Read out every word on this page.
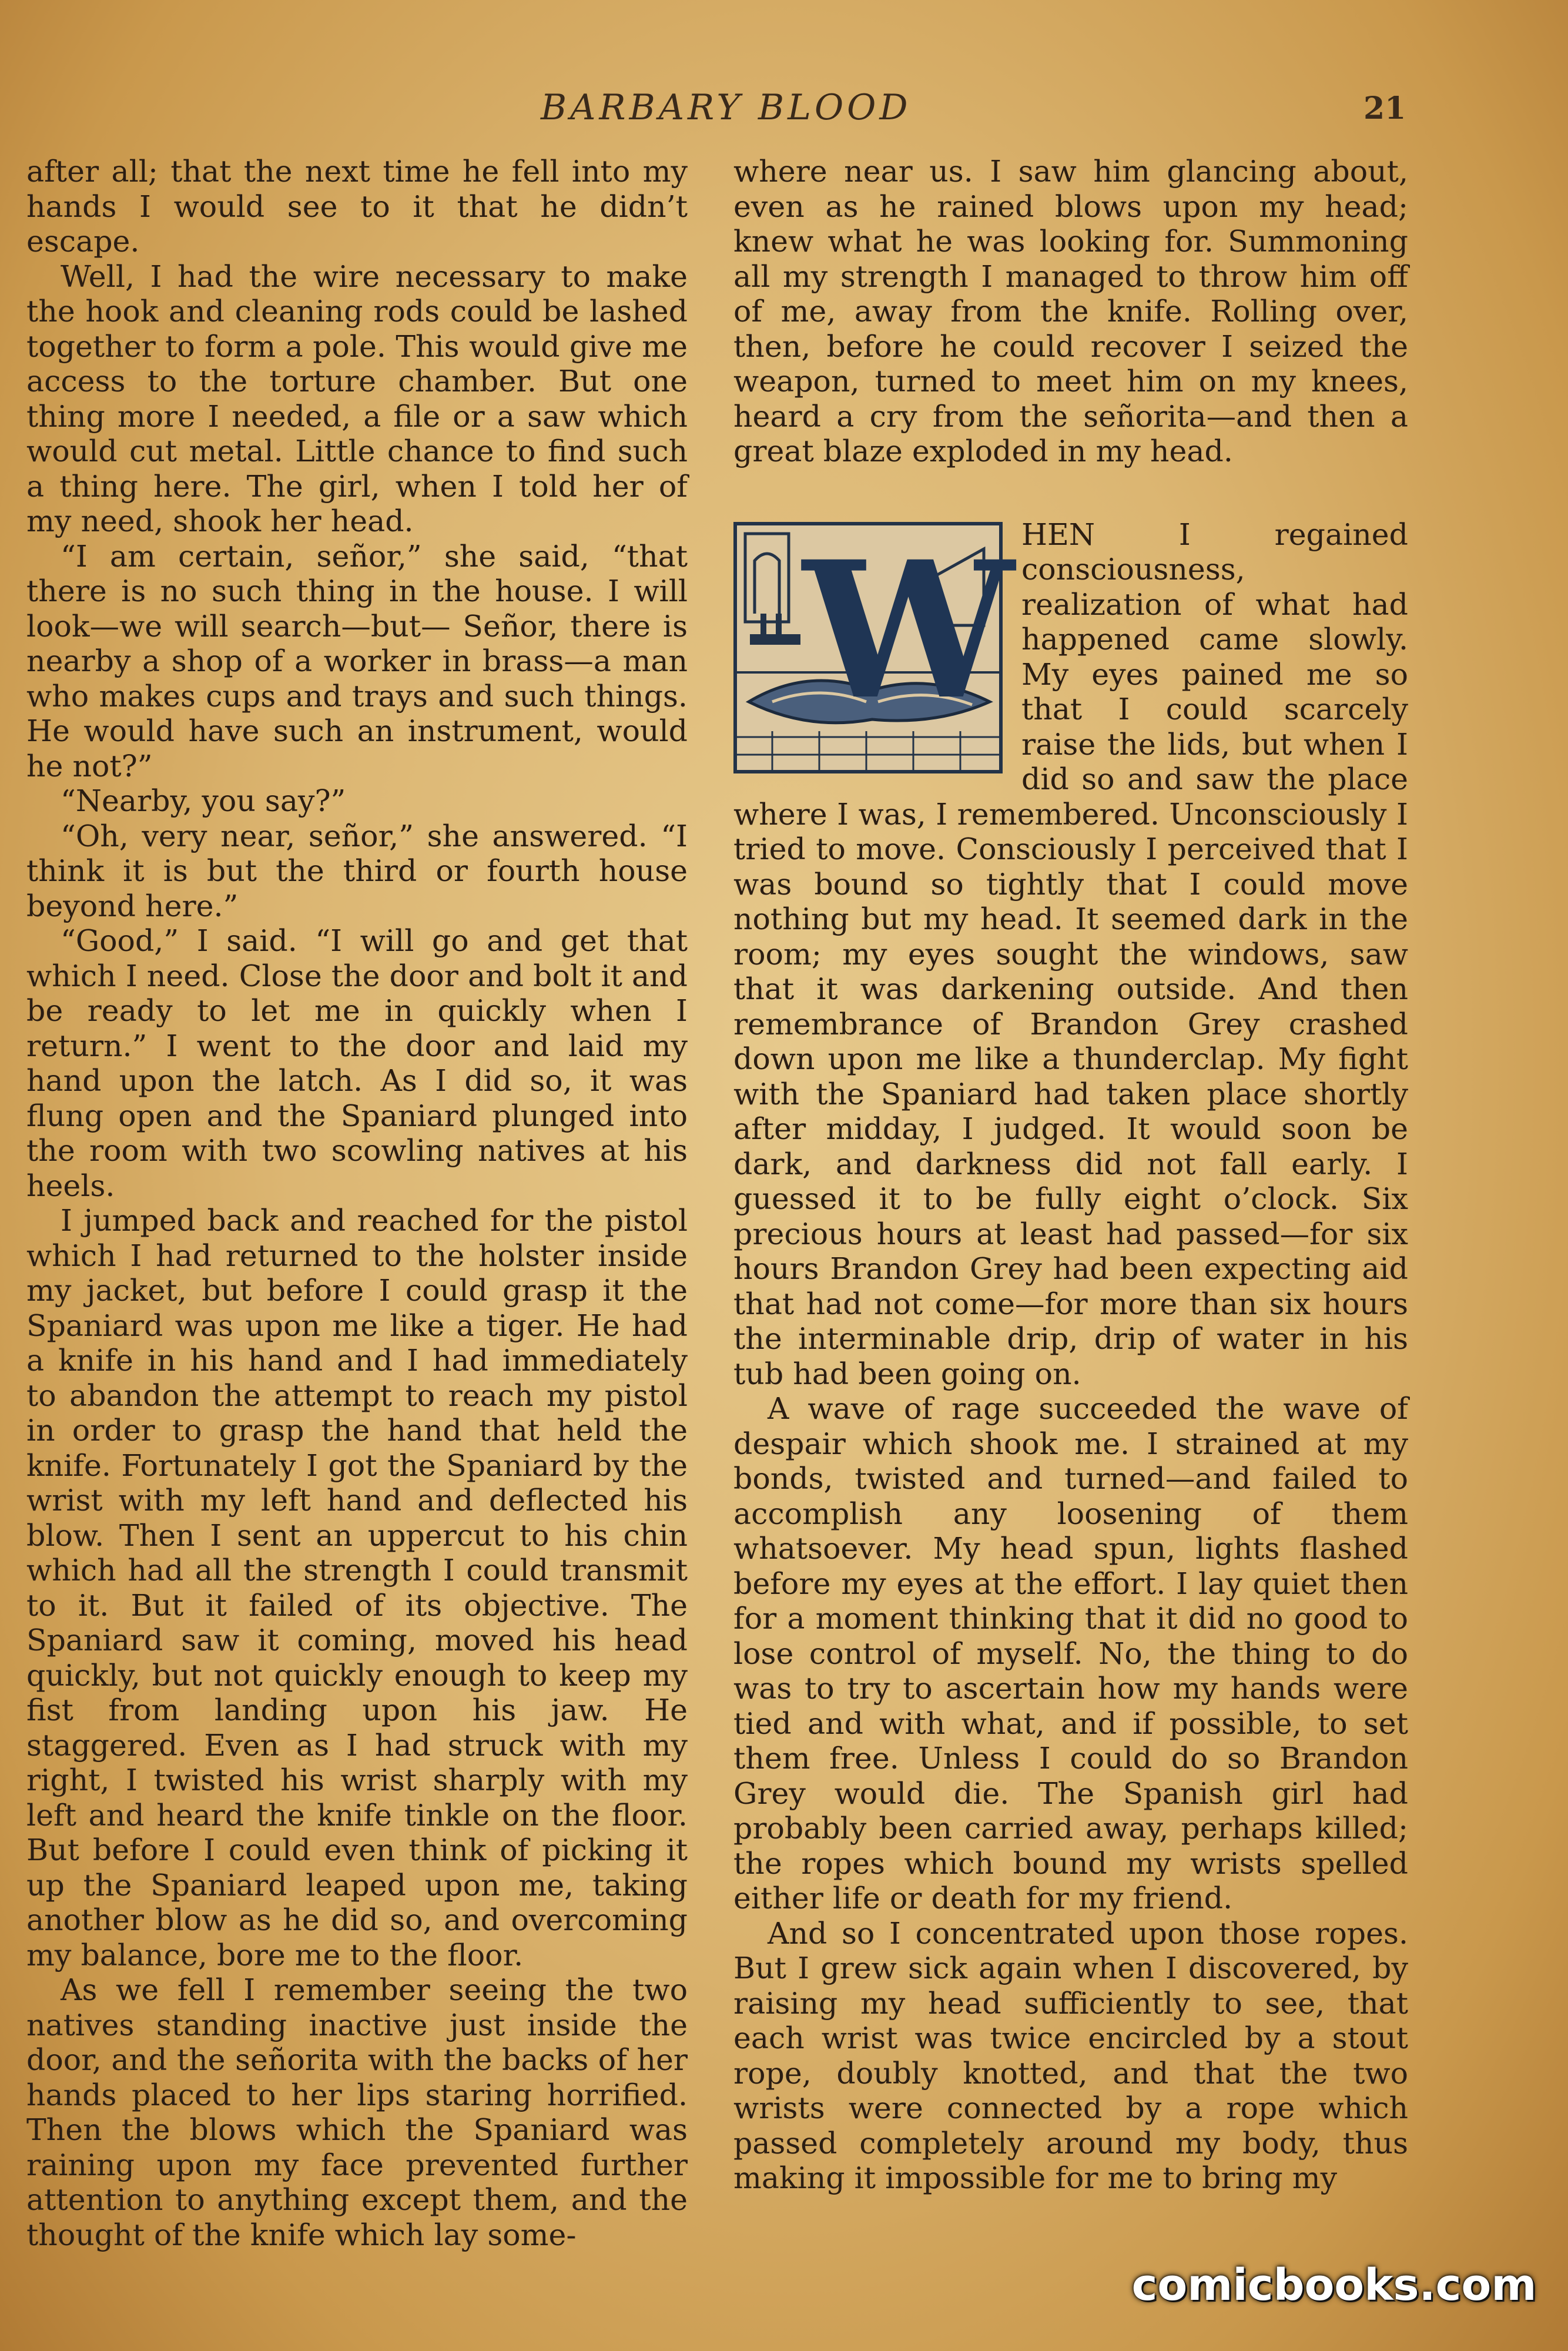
BARBARY BLOOD	21

after all; that the next time he fell into my hands I would see to it that he didn’t escape.

Well, I had the wire necessary to make the hook and cleaning rods could be lashed together to form a pole. This would give me access to the torture chamber. But one thing more I needed, a file or a saw which would cut metal. Little chance to find such a thing here. The girl, when I told her of my need, shook her head.

“I am certain, señor,” she said, “that there is no such thing in the house. I will look—we will search—but— Señor, there is nearby a shop of a worker in brass—a man who makes cups and trays and such things. He would have such an instrument, would he not?”

“Nearby, you say?”

“Oh, very near, señor,” she answered. “I think it is but the third or fourth house beyond here.”

“Good,” I said. “I will go and get that which I need. Close the door and bolt it and be ready to let me in quickly when I return.” I went to the door and laid my hand upon the latch. As I did so, it was flung open and the Spaniard plunged into the room with two scowling natives at his heels.

I jumped back and reached for the pistol which I had returned to the holster inside my jacket, but before I could grasp it the Spaniard was upon me like a tiger. He had a knife in his hand and I had immediately to abandon the attempt to reach my pistol in order to grasp the hand that held the knife. Fortunately I got the Spaniard by the wrist with my left hand and deflected his blow. Then I sent an uppercut to his chin which had all the strength I could transmit to it. But it failed of its objective. The Spaniard saw it coming, moved his head quickly, but not quickly enough to keep my fist from landing upon his jaw. He staggered. Even as I had struck with my right, I twisted his wrist sharply with my left and heard the knife tinkle on the floor. But before I could even think of picking it up the Spaniard leaped upon me, taking another blow as he did so, and overcoming my balance, bore me to the floor.

As we fell I remember seeing the two natives standing inactive just inside the door, and the señorita with the backs of her hands placed to her lips staring horrified. Then the blows which the Spaniard was raining upon my face prevented further attention to anything except them, and the thought of the knife which lay some-

where near us. I saw him glancing about, even as he rained blows upon my head; knew what he was looking for. Summoning all my strength I managed to throw him off of me, away from the knife. Rolling over, then, before he could recover I seized the weapon, turned to meet him on my knees, heard a cry from the señorita—and then a great blaze exploded in my head.

W HEN I regained consciousness, realization of what had happened came slowly. My eyes pained me so that I could scarcely raise the lids, but when I did so and saw the place where I was, I remembered. Unconsciously I tried to move. Consciously I perceived that I was bound so tightly that I could move nothing but my head. It seemed dark in the room; my eyes sought the windows, saw that it was darkening outside. And then remembrance of Brandon Grey crashed down upon me like a thunderclap. My fight with the Spaniard had taken place shortly after midday, I judged. It would soon be dark, and darkness did not fall early. I guessed it to be fully eight o’clock. Six precious hours at least had passed—for six hours Brandon Grey had been expecting aid that had not come—for more than six hours the interminable drip, drip of water in his tub had been going on.

A wave of rage succeeded the wave of despair which shook me. I strained at my bonds, twisted and turned—and failed to accomplish any loosening of them whatsoever. My head spun, lights flashed before my eyes at the effort. I lay quiet then for a moment thinking that it did no good to lose control of myself. No, the thing to do was to try to ascertain how my hands were tied and with what, and if possible, to set them free. Unless I could do so Brandon Grey would die. The Spanish girl had probably been carried away, perhaps killed; the ropes which bound my wrists spelled either life or death for my friend.

And so I concentrated upon those ropes. But I grew sick again when I discovered, by raising my head sufficiently to see, that each wrist was twice encircled by a stout rope, doubly knotted, and that the two wrists were connected by a rope which passed completely around my body, thus making it impossible for me to bring my

comicbooks.com
